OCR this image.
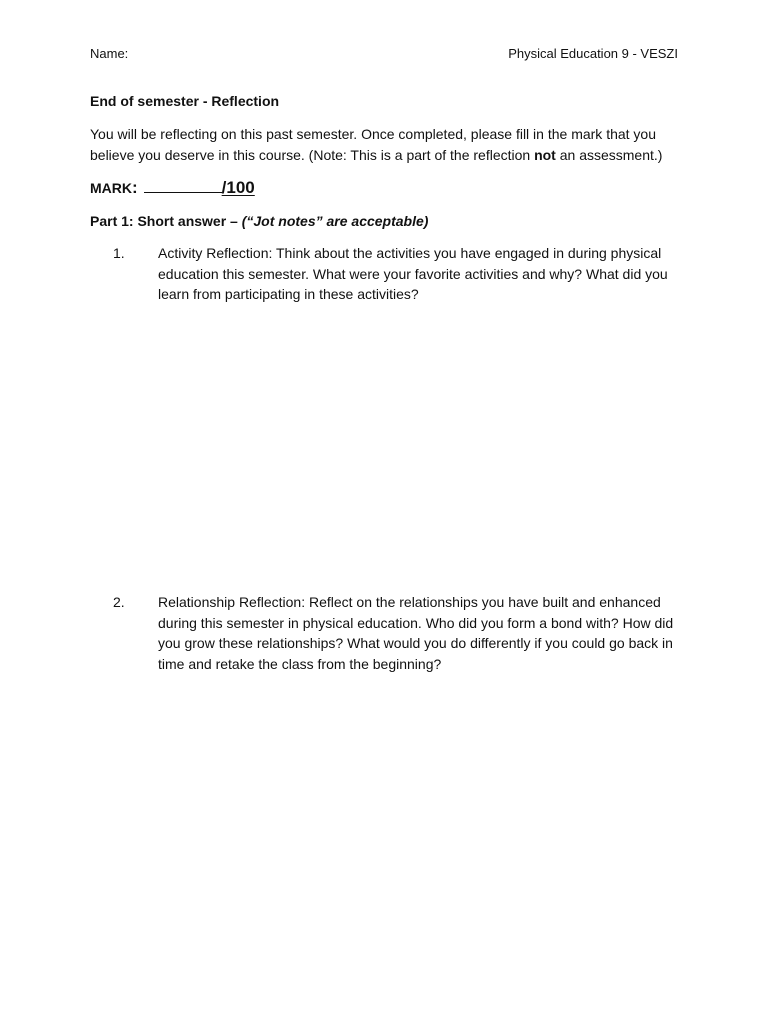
Name:	Physical Education 9 - VESZI
End of semester - Reflection
You will be reflecting on this past semester. Once completed, please fill in the mark that you believe you deserve in this course. (Note: This is a part of the reflection not an assessment.)
MARK:	/100
Part 1: Short answer – (“Jot notes” are acceptable)
1.	Activity Reflection: Think about the activities you have engaged in during physical education this semester. What were your favorite activities and why? What did you learn from participating in these activities?
2.	Relationship Reflection: Reflect on the relationships you have built and enhanced during this semester in physical education. Who did you form a bond with? How did you grow these relationships? What would you do differently if you could go back in time and retake the class from the beginning?
